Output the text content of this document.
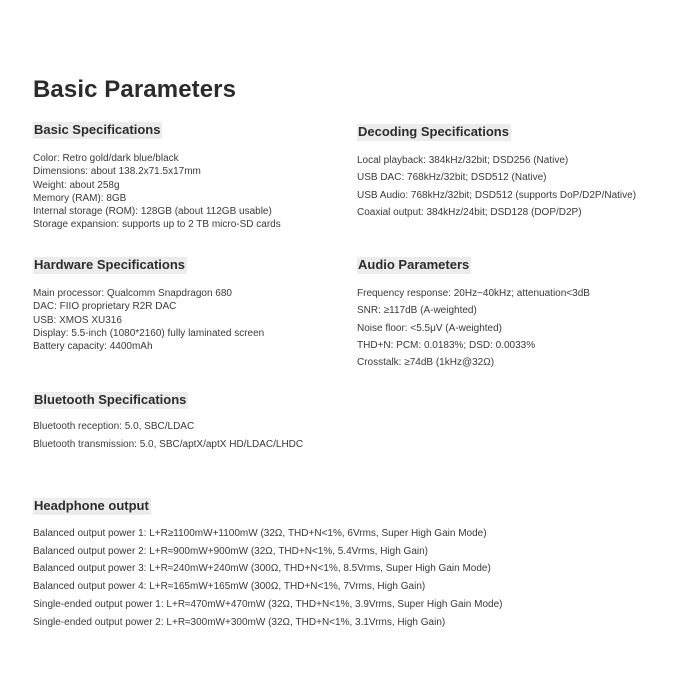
Basic Parameters
Basic Specifications
Color: Retro gold/dark blue/black
Dimensions: about 138.2x71.5x17mm
Weight: about 258g
Memory (RAM): 8GB
Internal storage (ROM): 128GB (about 112GB usable)
Storage expansion: supports up to 2 TB micro-SD cards
Decoding Specifications
Local playback: 384kHz/32bit; DSD256 (Native)
USB DAC: 768kHz/32bit; DSD512 (Native)
USB Audio: 768kHz/32bit; DSD512 (supports DoP/D2P/Native)
Coaxial output: 384kHz/24bit; DSD128 (DOP/D2P)
Hardware Specifications
Main processor: Qualcomm Snapdragon 680
DAC: FIIO proprietary R2R DAC
USB: XMOS XU316
Display: 5.5-inch (1080*2160) fully laminated screen
Battery capacity: 4400mAh
Audio Parameters
Frequency response: 20Hz~40kHz; attenuation<3dB
SNR: ≥117dB (A-weighted)
Noise floor: <5.5μV (A-weighted)
THD+N: PCM: 0.0183%; DSD: 0.0033%
Crosstalk: ≥74dB (1kHz@32Ω)
Bluetooth Specifications
Bluetooth reception: 5.0, SBC/LDAC
Bluetooth transmission: 5.0, SBC/aptX/aptX HD/LDAC/LHDC
Headphone output
Balanced output power 1: L+R≥1100mW+1100mW (32Ω, THD+N<1%, 6Vrms, Super High Gain Mode)
Balanced output power 2: L+R≈900mW+900mW (32Ω, THD+N<1%, 5.4Vrms, High Gain)
Balanced output power 3: L+R≈240mW+240mW (300Ω, THD+N<1%, 8.5Vrms, Super High Gain Mode)
Balanced output power 4: L+R≈165mW+165mW (300Ω, THD+N<1%, 7Vrms, High Gain)
Single-ended output power 1: L+R≈470mW+470mW (32Ω, THD+N<1%, 3.9Vrms, Super High Gain Mode)
Single-ended output power 2: L+R≈300mW+300mW (32Ω, THD+N<1%, 3.1Vrms, High Gain)
